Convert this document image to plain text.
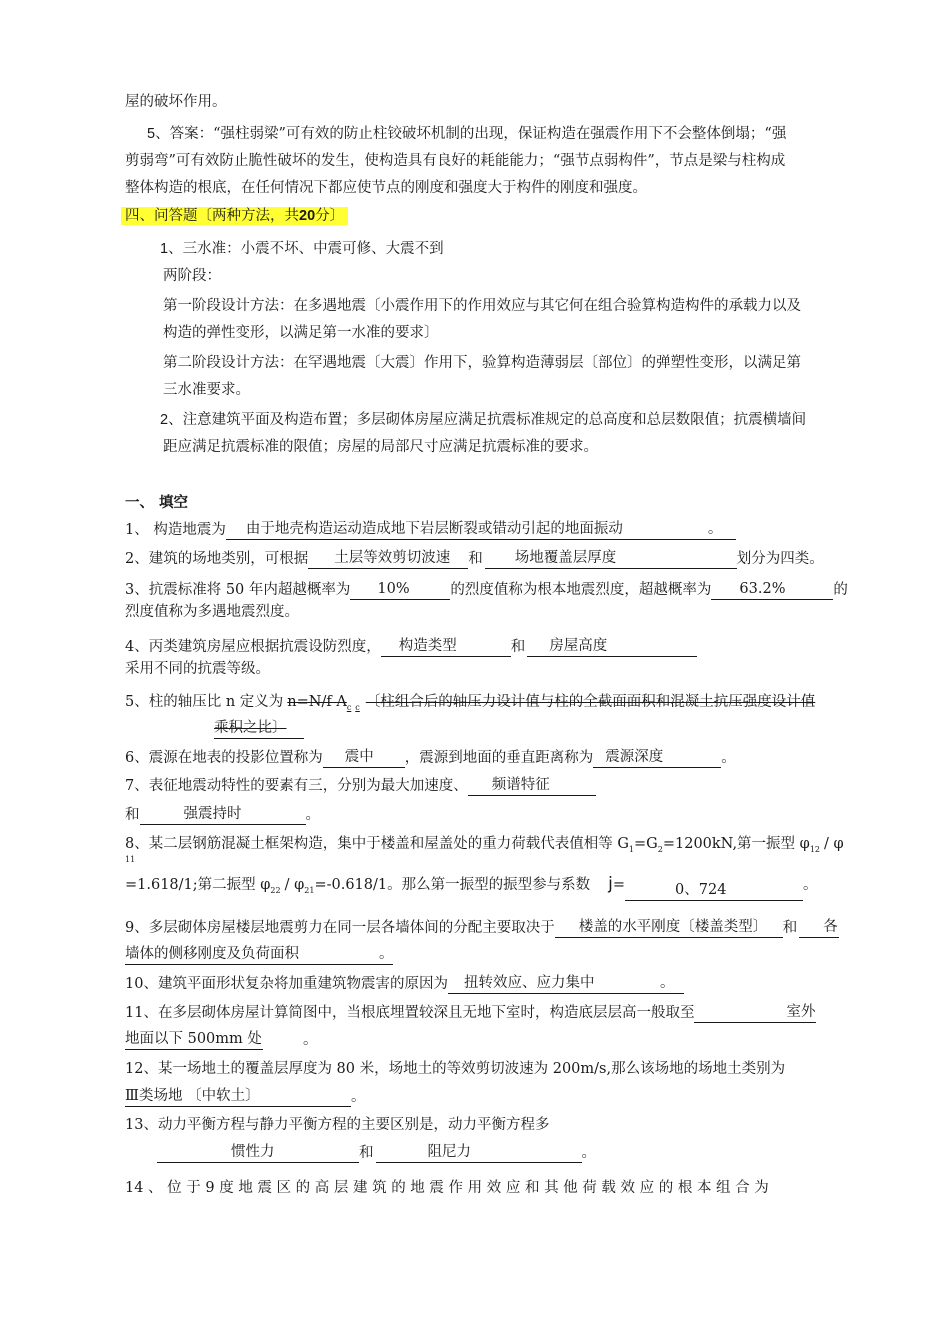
屋的破坏作用。
5、答案：“强柱弱梁”可有效的防止柱铰破坏机制的出现，保证构造在强震作用下不会整体倒塌；“强
剪弱弯”可有效防止脆性破坏的发生，使构造具有良好的耗能能力；“强节点弱构件”，节点是梁与柱构成
整体构造的根底，在任何情况下都应使节点的刚度和强度大于构件的刚度和强度。
四、问答题〔两种方法，共20分〕
1、三水准：小震不坏、中震可修、大震不到
两阶段：
第一阶段设计方法：在多遇地震〔小震作用下的作用效应与其它何在组合验算构造构件的承载力以及
构造的弹性变形，以满足第一水准的要求〕
第二阶段设计方法：在罕遇地震〔大震〕作用下，验算构造薄弱层〔部位〕的弹塑性变形，以满足第
三水准要求。
2、注意建筑平面及构造布置；多层砌体房屋应满足抗震标准规定的总高度和总层数限值；抗震横墙间
距应满足抗震标准的限值；房屋的局部尺寸应满足抗震标准的要求。
一、 填空
1、 构造地震为 由于地壳构造运动造成地下岩层断裂或错动引起的地面振动	。
2、建筑的场地类别，可根据 土层等效剪切波速 和 场地覆盖层厚度	划分为四类。
3、抗震标准将 50 年内超越概率为 10%	的烈度值称为根本地震烈度，超越概率为 63.2%	的
烈度值称为多遇地震烈度。
4、丙类建筑房屋应根据抗震设防烈度， 构造类型	和 房屋高度
采用不同的抗震等级。
5、柱的轴压比 n 定义为 n=N/f $A_c$ $_c$ 〔柱组合后的轴压力设计值与柱的全截面面积和混凝土抗压强度设计值
乘积之比〕
6、震源在地表的投影位置称为 震中 ，震源到地面的垂直距离称为 震源深度	。
7、表征地震动特性的要素有三，分别为最大加速度、 频谱特征
和	强震持时	。
8、某二层钢筋混凝土框架构造，集中于楼盖和屋盖处的重力荷载代表值相等 $G_1=G_2=1200kN$,第一振型 $\varphi_{12}$ / φ
11
=1.618/1;第二振型 $\varphi_{22} / \varphi_{21}=-0.618/1$。那么第一振型的振型参与系数 j=	0、724	。
9、多层砌体房屋楼层地震剪力在同一层各墙体间的分配主要取决于 楼盖的水平刚度〔楼盖类型〕 和 各
墙体的侧移刚度及负荷面积	。
10、建筑平面形状复杂将加重建筑物震害的原因为 扭转效应、应力集中	。
11、在多层砌体房屋计算简图中，当根底埋置较深且无地下室时，构造底层层高一般取至	室外
地面以下 500mm 处	。
12、某一场地土的覆盖层厚度为 80 米，场地土的等效剪切波速为 200m/s,那么该场地的场地土类别为
Ⅲ类场地 〔中软土〕	。
13、动力平衡方程与静力平衡方程的主要区别是，动力平衡方程多
惯性力	和	阻尼力	。
14 、 位 于 9 度 地 震 区 的 高 层 建 筑 的 地 震 作 用 效 应 和 其 他 荷 载 效 应 的 根 本 组 合 为
